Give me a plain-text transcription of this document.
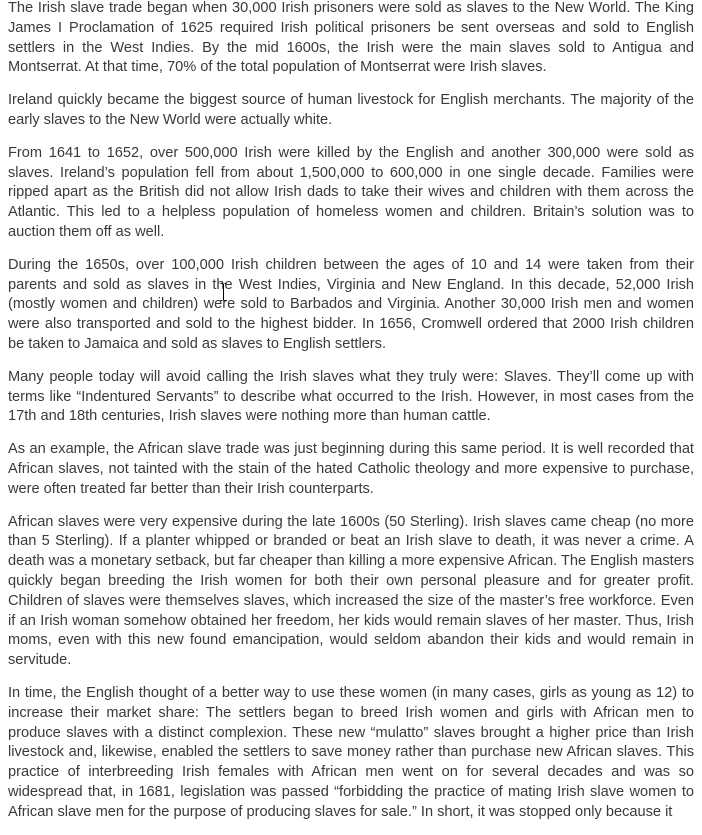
The Irish slave trade began when 30,000 Irish prisoners were sold as slaves to the New World. The King James I Proclamation of 1625 required Irish political prisoners be sent overseas and sold to English settlers in the West Indies. By the mid 1600s, the Irish were the main slaves sold to Antigua and Montserrat. At that time, 70% of the total population of Montserrat were Irish slaves.

Ireland quickly became the biggest source of human livestock for English merchants. The majority of the early slaves to the New World were actually white.

From 1641 to 1652, over 500,000 Irish were killed by the English and another 300,000 were sold as slaves. Ireland’s population fell from about 1,500,000 to 600,000 in one single decade. Families were ripped apart as the British did not allow Irish dads to take their wives and children with them across the Atlantic. This led to a helpless population of homeless women and children. Britain’s solution was to auction them off as well.

During the 1650s, over 100,000 Irish children between the ages of 10 and 14 were taken from their parents and sold as slaves in the West Indies, Virginia and New England. In this decade, 52,000 Irish (mostly women and children) were sold to Barbados and Virginia. Another 30,000 Irish men and women were also transported and sold to the highest bidder. In 1656, Cromwell ordered that 2000 Irish children be taken to Jamaica and sold as slaves to English settlers.

Many people today will avoid calling the Irish slaves what they truly were: Slaves. They’ll come up with terms like “Indentured Servants” to describe what occurred to the Irish. However, in most cases from the 17th and 18th centuries, Irish slaves were nothing more than human cattle.

As an example, the African slave trade was just beginning during this same period. It is well recorded that African slaves, not tainted with the stain of the hated Catholic theology and more expensive to purchase, were often treated far better than their Irish counterparts.

African slaves were very expensive during the late 1600s (50 Sterling). Irish slaves came cheap (no more than 5 Sterling). If a planter whipped or branded or beat an Irish slave to death, it was never a crime. A death was a monetary setback, but far cheaper than killing a more expensive African. The English masters quickly began breeding the Irish women for both their own personal pleasure and for greater profit. Children of slaves were themselves slaves, which increased the size of the master’s free workforce. Even if an Irish woman somehow obtained her freedom, her kids would remain slaves of her master. Thus, Irish moms, even with this new found emancipation, would seldom abandon their kids and would remain in servitude.

In time, the English thought of a better way to use these women (in many cases, girls as young as 12) to increase their market share: The settlers began to breed Irish women and girls with African men to produce slaves with a distinct complexion. These new “mulatto” slaves brought a higher price than Irish livestock and, likewise, enabled the settlers to save money rather than purchase new African slaves. This practice of interbreeding Irish females with African men went on for several decades and was so widespread that, in 1681, legislation was passed “forbidding the practice of mating Irish slave women to African slave men for the purpose of producing slaves for sale.” In short, it was stopped only because it
